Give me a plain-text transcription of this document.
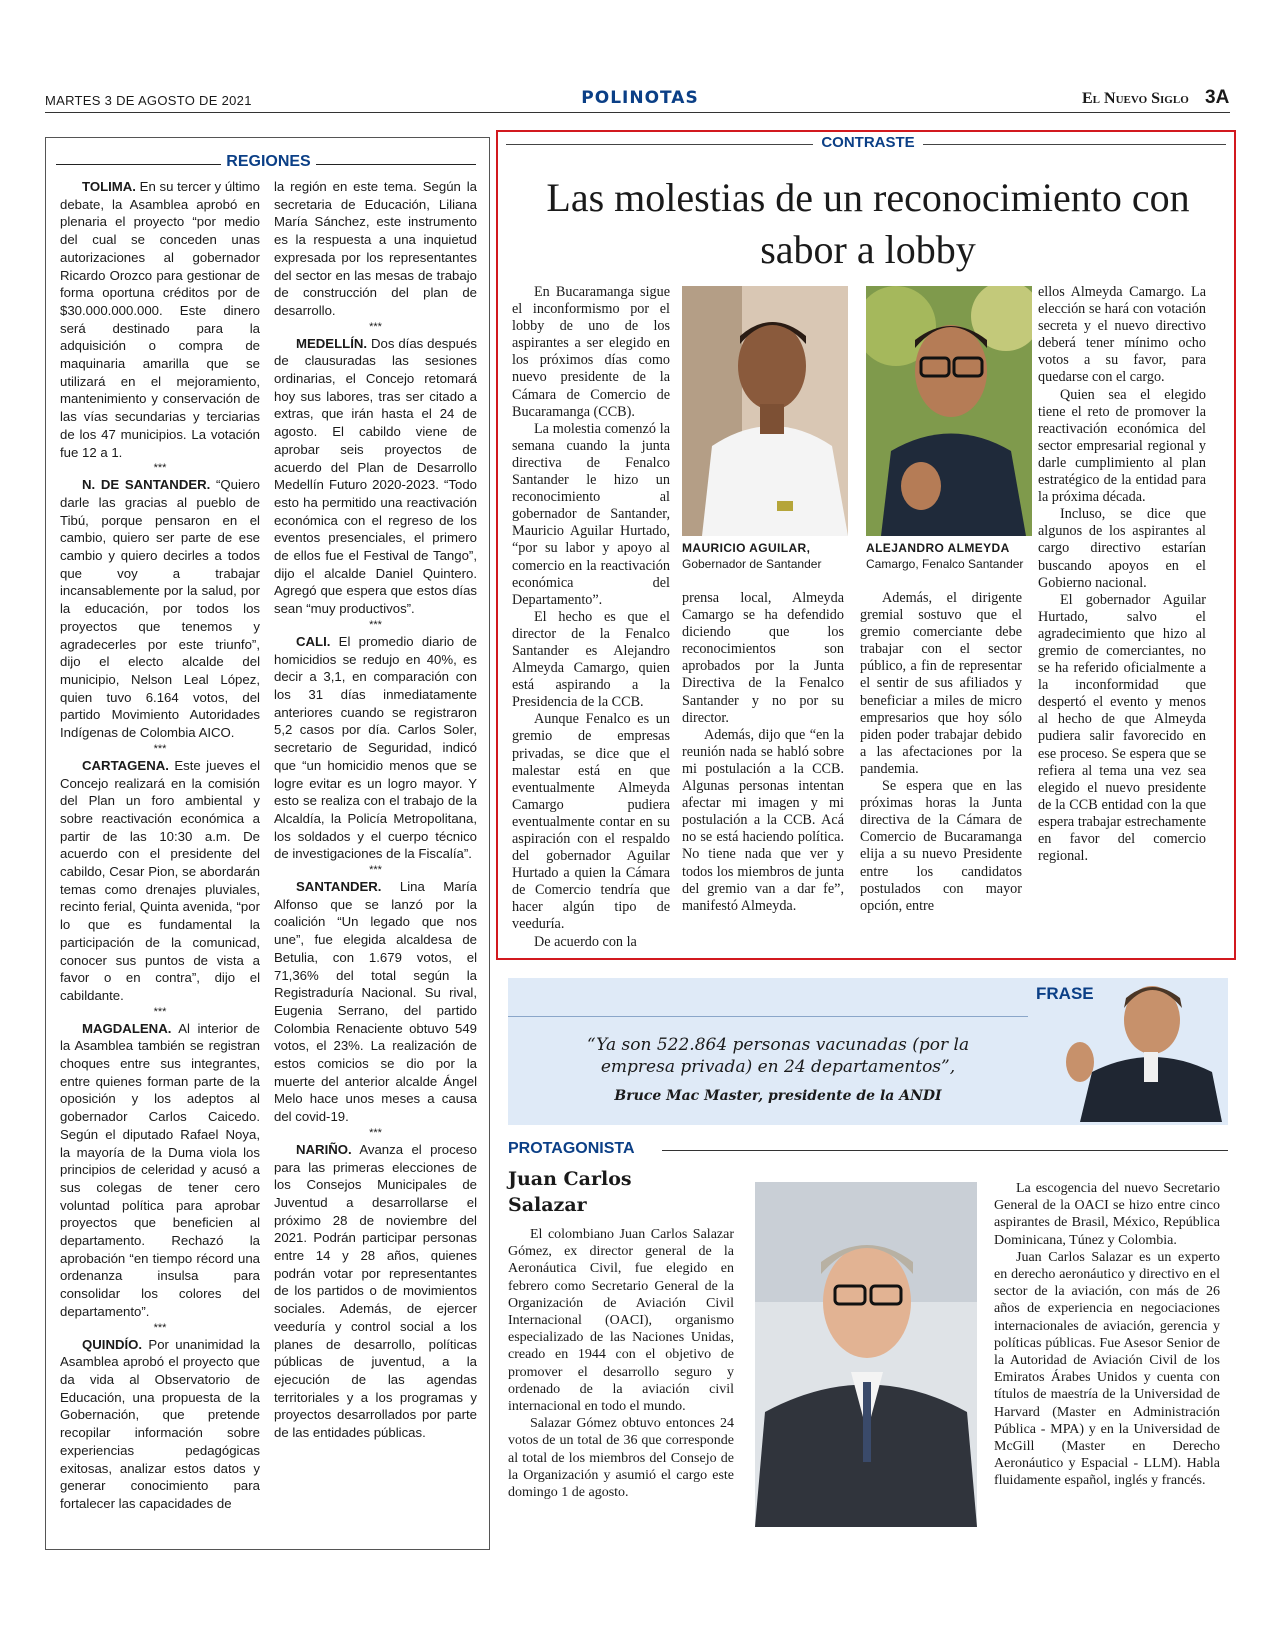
MARTES 3 DE AGOSTO DE 2021	POLINOTAS	El Nuevo Siglo 3A
REGIONES

TOLIMA. En su tercer y último debate, la Asamblea aprobó en plenaria el proyecto “por medio del cual se conceden unas autorizaciones al gobernador Ricardo Orozco para gestionar de forma oportuna créditos por de $30.000.000.000. Este dinero será destinado para la adquisición o compra de maquinaria amarilla que se utilizará en el mejoramiento, mantenimiento y conservación de las vías secundarias y terciarias de los 47 municipios. La votación fue 12 a 1.

***

N. DE SANTANDER. “Quiero darle las gracias al pueblo de Tibú, porque pensaron en el cambio, quiero ser parte de ese cambio y quiero decirles a todos que voy a trabajar incansablemente por la salud, por la educación, por todos los proyectos que tenemos y agradecerles por este triunfo”, dijo el electo alcalde del municipio, Nelson Leal López, quien tuvo 6.164 votos, del partido Movimiento Autoridades Indígenas de Colombia AICO.

***

CARTAGENA. Este jueves el Concejo realizará en la comisión del Plan un foro ambiental y sobre reactivación económica a partir de las 10:30 a.m. De acuerdo con el presidente del cabildo, Cesar Pion, se abordarán temas como drenajes pluviales, recinto ferial, Quinta avenida, “por lo que es fundamental la participación de la comunicad, conocer sus puntos de vista a favor o en contra”, dijo el cabildante.

***

MAGDALENA. Al interior de la Asamblea también se registran choques entre sus integrantes, entre quienes forman parte de la oposición y los adeptos al gobernador Carlos Caicedo. Según el diputado Rafael Noya, la mayoría de la Duma viola los principios de celeridad y acusó a sus colegas de tener cero voluntad política para aprobar proyectos que beneficien al departamento. Rechazó la aprobación “en tiempo récord una ordenanza insulsa para consolidar los colores del departamento”.

***

QUINDÍO. Por unanimidad la Asamblea aprobó el proyecto que da vida al Observatorio de Educación, una propuesta de la Gobernación, que pretende recopilar información sobre experiencias pedagógicas exitosas, analizar estos datos y generar conocimiento para fortalecer las capacidades de

la región en este tema. Según la secretaria de Educación, Liliana María Sánchez, este instrumento es la respuesta a una inquietud expresada por los representantes del sector en las mesas de trabajo de construcción del plan de desarrollo.

***

MEDELLÍN. Dos días después de clausuradas las sesiones ordinarias, el Concejo retomará hoy sus labores, tras ser citado a extras, que irán hasta el 24 de agosto. El cabildo viene de aprobar seis proyectos de acuerdo del Plan de Desarrollo Medellín Futuro 2020-2023. “Todo esto ha permitido una reactivación económica con el regreso de los eventos presenciales, el primero de ellos fue el Festival de Tango”, dijo el alcalde Daniel Quintero. Agregó que espera que estos días sean “muy productivos”.

***

CALI. El promedio diario de homicidios se redujo en 40%, es decir a 3,1, en comparación con los 31 días inmediatamente anteriores cuando se registraron 5,2 casos por día. Carlos Soler, secretario de Seguridad, indicó que “un homicidio menos que se logre evitar es un logro mayor. Y esto se realiza con el trabajo de la Alcaldía, la Policía Metropolitana, los soldados y el cuerpo técnico de investigaciones de la Fiscalía”.

***

SANTANDER. Lina María Alfonso que se lanzó por la coalición “Un legado que nos une”, fue elegida alcaldesa de Betulia, con 1.679 votos, el 71,36% del total según la Registraduría Nacional. Su rival, Eugenia Serrano, del partido Colombia Renaciente obtuvo 549 votos, el 23%. La realización de estos comicios se dio por la muerte del anterior alcalde Ángel Melo hace unos meses a causa del covid-19.

***

NARIÑO. Avanza el proceso para las primeras elecciones de los Consejos Municipales de Juventud a desarrollarse el próximo 28 de noviembre del 2021. Podrán participar personas entre 14 y 28 años, quienes podrán votar por representantes de los partidos o de movimientos sociales. Además, de ejercer veeduría y control social a los planes de desarrollo, políticas públicas de juventud, a la ejecución de las agendas territoriales y a los programas y proyectos desarrollados por parte de las entidades públicas.

CONTRASTE
Las molestias de un reconocimiento con sabor a lobby

En Bucaramanga sigue el inconformismo por el lobby de uno de los aspirantes a ser elegido en los próximos días como nuevo presidente de la Cámara de Comercio de Bucaramanga (CCB).

La molestia comenzó la semana cuando la junta directiva de Fenalco Santander le hizo un reconocimiento al gobernador de Santander, Mauricio Aguilar Hurtado, “por su labor y apoyo al comercio en la reactivación económica del Departamento”.

El hecho es que el director de la Fenalco Santander es Alejandro Almeyda Camargo, quien está aspirando a la Presidencia de la CCB.

Aunque Fenalco es un gremio de empresas privadas, se dice que el malestar está en que eventualmente Almeyda Camargo pudiera eventualmente contar en su aspiración con el respaldo del gobernador Aguilar Hurtado a quien la Cámara de Comercio tendría que hacer algún tipo de veeduría.

De acuerdo con la

MAURICIO AGUILAR,
Gobernador de Santander
ALEJANDRO ALMEYDA
Camargo, Fenalco Santander

prensa local, Almeyda Camargo se ha defendido diciendo que los reconocimientos son aprobados por la Junta Directiva de la Fenalco Santander y no por su director.

Además, dijo que “en la reunión nada se habló sobre mi postulación a la CCB. Algunas personas intentan afectar mi imagen y mi postulación a la CCB. Acá no se está haciendo política. No tiene nada que ver y todos los miembros de junta del gremio van a dar fe”, manifestó Almeyda.

Además, el dirigente gremial sostuvo que el gremio comerciante debe trabajar con el sector público, a fin de representar el sentir de sus afiliados y beneficiar a miles de micro empresarios que hoy sólo piden poder trabajar debido a las afectaciones por la pandemia.

Se espera que en las próximas horas la Junta directiva de la Cámara de Comercio de Bucaramanga elija a su nuevo Presidente entre los candidatos postulados con mayor opción, entre

ellos Almeyda Camargo. La elección se hará con votación secreta y el nuevo directivo deberá tener mínimo ocho votos a su favor, para quedarse con el cargo.

Quien sea el elegido tiene el reto de promover la reactivación económica del sector empresarial regional y darle cumplimiento al plan estratégico de la entidad para la próxima década.

Incluso, se dice que algunos de los aspirantes al cargo directivo estarían buscando apoyos en el Gobierno nacional.

El gobernador Aguilar Hurtado, salvo el agradecimiento que hizo al gremio de comerciantes, no se ha referido oficialmente a la inconformidad que despertó el evento y menos al hecho de que Almeyda pudiera salir favorecido en ese proceso. Se espera que se refiera al tema una vez sea elegido el nuevo presidente de la CCB entidad con la que espera trabajar estrechamente en favor del comercio regional.

FRASE
“Ya son 522.864 personas vacunadas (por la empresa privada) en 24 departamentos”,
Bruce Mac Master, presidente de la ANDI
PROTAGONISTA
Juan Carlos Salazar

El colombiano Juan Carlos Salazar Gómez, ex director general de la Aeronáutica Civil, fue elegido en febrero como Secretario General de la Organización de Aviación Civil Internacional (OACI), organismo especializado de las Naciones Unidas, creado en 1944 con el objetivo de promover el desarrollo seguro y ordenado de la aviación civil internacional en todo el mundo.

Salazar Gómez obtuvo entonces 24 votos de un total de 36 que corresponde al total de los miembros del Consejo de la Organización y asumió el cargo este domingo 1 de agosto.

La escogencia del nuevo Secretario General de la OACI se hizo entre cinco aspirantes de Brasil, México, República Dominicana, Túnez y Colombia.

Juan Carlos Salazar es un experto en derecho aeronáutico y directivo en el sector de la aviación, con más de 26 años de experiencia en negociaciones internacionales de aviación, gerencia y políticas públicas. Fue Asesor Senior de la Autoridad de Aviación Civil de los Emiratos Árabes Unidos y cuenta con títulos de maestría de la Universidad de Harvard (Master en Administración Pública - MPA) y en la Universidad de McGill (Master en Derecho Aeronáutico y Espacial - LLM). Habla fluidamente español, inglés y francés.
